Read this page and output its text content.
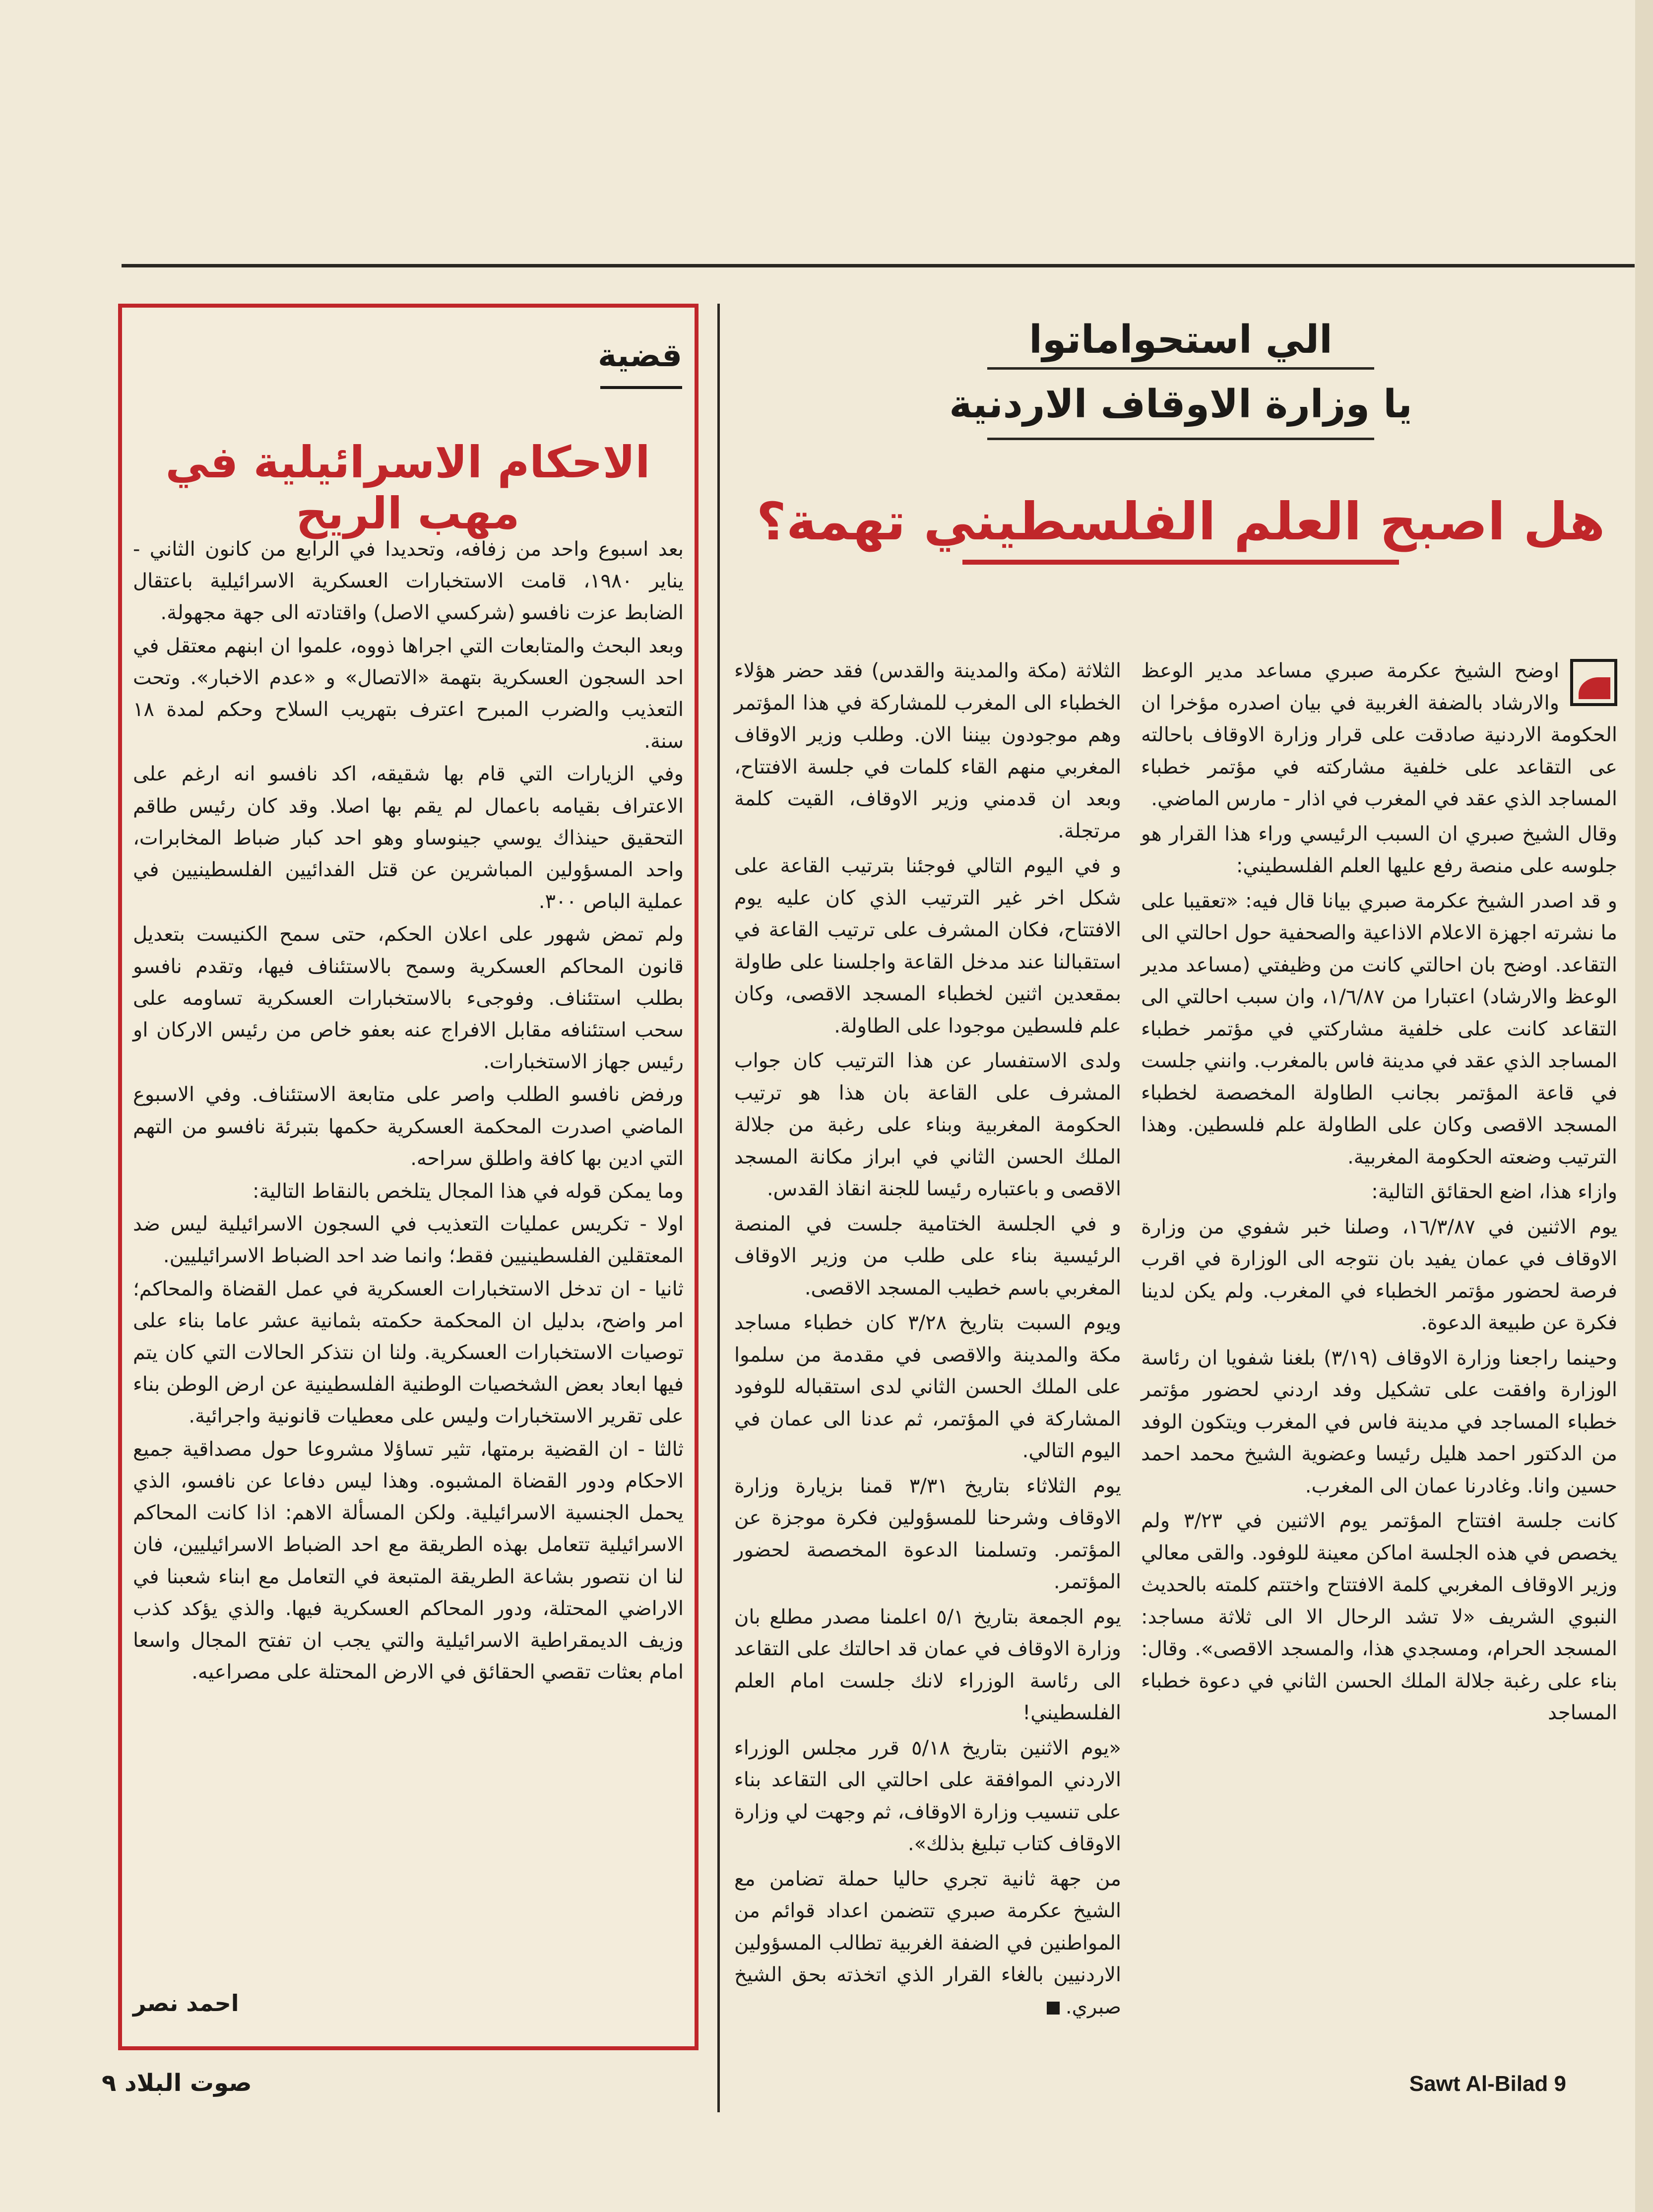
الي استحواماتوا
يا وزارة الاوقاف الاردنية
هل اصبح العلم الفلسطيني تهمة؟

اوضح الشيخ عكرمة صبري مساعد مدير الوعظ والارشاد بالضفة الغربية في بيان اصدره مؤخرا ان الحكومة الاردنية صادقت على قرار وزارة الاوقاف باحالته عى التقاعد على خلفية مشاركته في مؤتمر خطباء المساجد الذي عقد في المغرب في اذار - مارس الماضي.

وقال الشيخ صبري ان السبب الرئيسي وراء هذا القرار هو جلوسه على منصة رفع عليها العلم الفلسطيني:

و قد اصدر الشيخ عكرمة صبري بيانا قال فيه: «تعقيبا على ما نشرته اجهزة الاعلام الاذاعية والصحفية حول احالتي الى التقاعد. اوضح بان احالتي كانت من وظيفتي (مساعد مدير الوعظ والارشاد) اعتبارا من ١/٦/٨٧، وان سبب احالتي الى التقاعد كانت على خلفية مشاركتي في مؤتمر خطباء المساجد الذي عقد في مدينة فاس بالمغرب. وانني جلست في قاعة المؤتمر بجانب الطاولة المخصصة لخطباء المسجد الاقصى وكان على الطاولة علم فلسطين. وهذا الترتيب وضعته الحكومة المغربية.

وازاء هذا، اضع الحقائق التالية:

يوم الاثنين في ١٦/٣/٨٧، وصلنا خبر شفوي من وزارة الاوقاف في عمان يفيد بان نتوجه الى الوزارة في اقرب فرصة لحضور مؤتمر الخطباء في المغرب. ولم يكن لدينا فكرة عن طبيعة الدعوة.

وحينما راجعنا وزارة الاوقاف (٣/١٩) بلغنا شفويا ان رئاسة الوزارة وافقت على تشكيل وفد اردني لحضور مؤتمر خطباء المساجد في مدينة فاس في المغرب ويتكون الوفد من الدكتور احمد هليل رئيسا وعضوية الشيخ محمد احمد حسين وانا. وغادرنا عمان الى المغرب.

كانت جلسة افتتاح المؤتمر يوم الاثنين في ٣/٢٣ ولم يخصص في هذه الجلسة اماكن معينة للوفود. والقى معالي وزير الاوقاف المغربي كلمة الافتتاح واختتم كلمته بالحديث النبوي الشريف «لا تشد الرحال الا الى ثلاثة مساجد: المسجد الحرام، ومسجدي هذا، والمسجد الاقصى». وقال: بناء على رغبة جلالة الملك الحسن الثاني في دعوة خطباء المساجد

الثلاثة (مكة والمدينة والقدس) فقد حضر هؤلاء الخطباء الى المغرب للمشاركة في هذا المؤتمر وهم موجودون بيننا الان. وطلب وزير الاوقاف المغربي منهم القاء كلمات في جلسة الافتتاح، وبعد ان قدمني وزير الاوقاف، القيت كلمة مرتجلة.

و في اليوم التالي فوجئنا بترتيب القاعة على شكل اخر غير الترتيب الذي كان عليه يوم الافتتاح، فكان المشرف على ترتيب القاعة في استقبالنا عند مدخل القاعة واجلسنا على طاولة بمقعدين اثنين لخطباء المسجد الاقصى، وكان علم فلسطين موجودا على الطاولة.

ولدى الاستفسار عن هذا الترتيب كان جواب المشرف على القاعة بان هذا هو ترتيب الحكومة المغربية وبناء على رغبة من جلالة الملك الحسن الثاني في ابراز مكانة المسجد الاقصى و باعتباره رئيسا للجنة انقاذ القدس.

و في الجلسة الختامية جلست في المنصة الرئيسية بناء على طلب من وزير الاوقاف المغربي باسم خطيب المسجد الاقصى.

ويوم السبت بتاريخ ٣/٢٨ كان خطباء مساجد مكة والمدينة والاقصى في مقدمة من سلموا على الملك الحسن الثاني لدى استقباله للوفود المشاركة في المؤتمر، ثم عدنا الى عمان في اليوم التالي.

يوم الثلاثاء بتاريخ ٣/٣١ قمنا بزيارة وزارة الاوقاف وشرحنا للمسؤولين فكرة موجزة عن المؤتمر. وتسلمنا الدعوة المخصصة لحضور المؤتمر.

يوم الجمعة بتاريخ ٥/١ اعلمنا مصدر مطلع بان وزارة الاوقاف في عمان قد احالتك على التقاعد الى رئاسة الوزراء لانك جلست امام العلم الفلسطيني!

«يوم الاثنين بتاريخ ٥/١٨ قرر مجلس الوزراء الاردني الموافقة على احالتي الى التقاعد بناء على تنسيب وزارة الاوقاف، ثم وجهت لي وزارة الاوقاف كتاب تبليغ بذلك».

من جهة ثانية تجري حاليا حملة تضامن مع الشيخ عكرمة صبري تتضمن اعداد قوائم من المواطنين في الضفة الغربية تطالب المسؤولين الاردنيين بالغاء القرار الذي اتخذته بحق الشيخ صبري.

قضية
الاحكام الاسرائيلية في مهب الريح

بعد اسبوع واحد من زفافه، وتحديدا في الرابع من كانون الثاني - يناير ١٩٨٠، قامت الاستخبارات العسكرية الاسرائيلية باعتقال الضابط عزت نافسو (شركسي الاصل) واقتادته الى جهة مجهولة.

وبعد البحث والمتابعات التي اجراها ذووه، علموا ان ابنهم معتقل في احد السجون العسكرية بتهمة «الاتصال» و «عدم الاخبار». وتحت التعذيب والضرب المبرح اعترف بتهريب السلاح وحكم لمدة ١٨ سنة.

وفي الزيارات التي قام بها شقيقه، اكد نافسو انه ارغم على الاعتراف بقيامه باعمال لم يقم بها اصلا. وقد كان رئيس طاقم التحقيق حينذاك يوسي جينوساو وهو احد كبار ضباط المخابرات، واحد المسؤولين المباشرين عن قتل الفدائيين الفلسطينيين في عملية الباص ٣٠٠.

ولم تمض شهور على اعلان الحكم، حتى سمح الكنيست بتعديل قانون المحاكم العسكرية وسمح بالاستئناف فيها، وتقدم نافسو بطلب استئناف. وفوجىء بالاستخبارات العسكرية تساومه على سحب استئنافه مقابل الافراج عنه بعفو خاص من رئيس الاركان او رئيس جهاز الاستخبارات.

ورفض نافسو الطلب واصر على متابعة الاستئناف. وفي الاسبوع الماضي اصدرت المحكمة العسكرية حكمها بتبرئة نافسو من التهم التي ادين بها كافة واطلق سراحه.

وما يمكن قوله في هذا المجال يتلخص بالنقاط التالية:

اولا - تكريس عمليات التعذيب في السجون الاسرائيلية ليس ضد المعتقلين الفلسطينيين فقط؛ وانما ضد احد الضباط الاسرائيليين.

ثانيا - ان تدخل الاستخبارات العسكرية في عمل القضاة والمحاكم؛ امر واضح، بدليل ان المحكمة حكمته بثمانية عشر عاما بناء على توصيات الاستخبارات العسكرية. ولنا ان نتذكر الحالات التي كان يتم فيها ابعاد بعض الشخصيات الوطنية الفلسطينية عن ارض الوطن بناء على تقرير الاستخبارات وليس على معطيات قانونية واجرائية.

ثالثا - ان القضية برمتها، تثير تساؤلا مشروعا حول مصداقية جميع الاحكام ودور القضاة المشبوه. وهذا ليس دفاعا عن نافسو، الذي يحمل الجنسية الاسرائيلية. ولكن المسألة الاهم: اذا كانت المحاكم الاسرائيلية تتعامل بهذه الطريقة مع احد الضباط الاسرائيليين، فان لنا ان نتصور بشاعة الطريقة المتبعة في التعامل مع ابناء شعبنا في الاراضي المحتلة، ودور المحاكم العسكرية فيها. والذي يؤكد كذب وزيف الديمقراطية الاسرائيلية والتي يجب ان تفتح المجال واسعا امام بعثات تقصي الحقائق في الارض المحتلة على مصراعيه.

احمد نصر
Sawt Al-Bilad 9
صوت البلاد ٩
